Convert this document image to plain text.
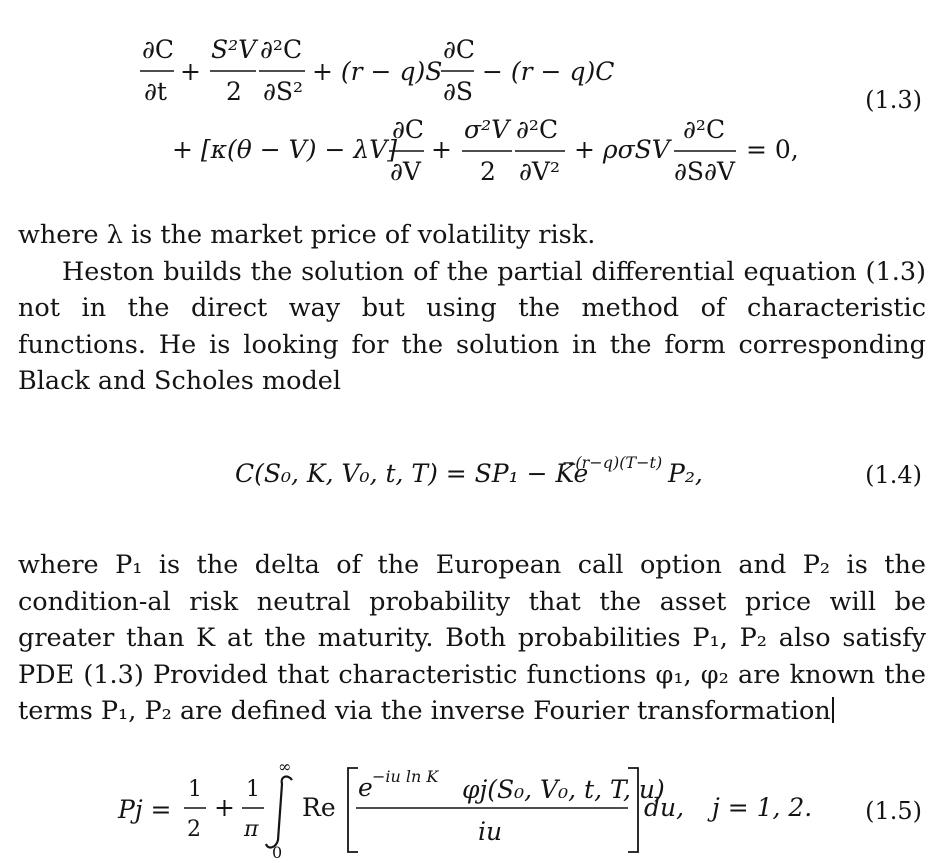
∂C
∂t
+
S²V
2
∂²C
∂S²
+ (r − q)S
∂C
∂S
− (r − q)C
+ [κ(θ − V) − λV]
∂C
∂V
+
σ²V
2
∂²C
∂V²
+ ρσSV
∂²C
∂S∂V
= 0,
(1.3)

where λ is the market price of volatility risk.

Heston builds the solution of the partial differential equation (1.3) not in the direct way but using the method of characteristic functions. He is looking for the solution in the form corresponding Black and Scholes model

C(S₀, K, V₀, t, T) = SP₁ − Ke
−(r−q)(T−t) P₂,	(1.4)

where P₁ is the delta of the European call option and P₂ is the condition-al risk neutral probability that the asset price will be greater than K at the maturity. Both probabilities P₁, P₂ also satisfy PDE (1.3) Provided that characteristic functions φ₁, φ₂ are known the terms P₁, P₂ are defined via the inverse Fourier transformation

Pj =
1
2
+
1
π
∞
0
Re
e −iu ln K φj(S₀, V₀, t, T, u)
iu
du, j = 1, 2. (1.5)
